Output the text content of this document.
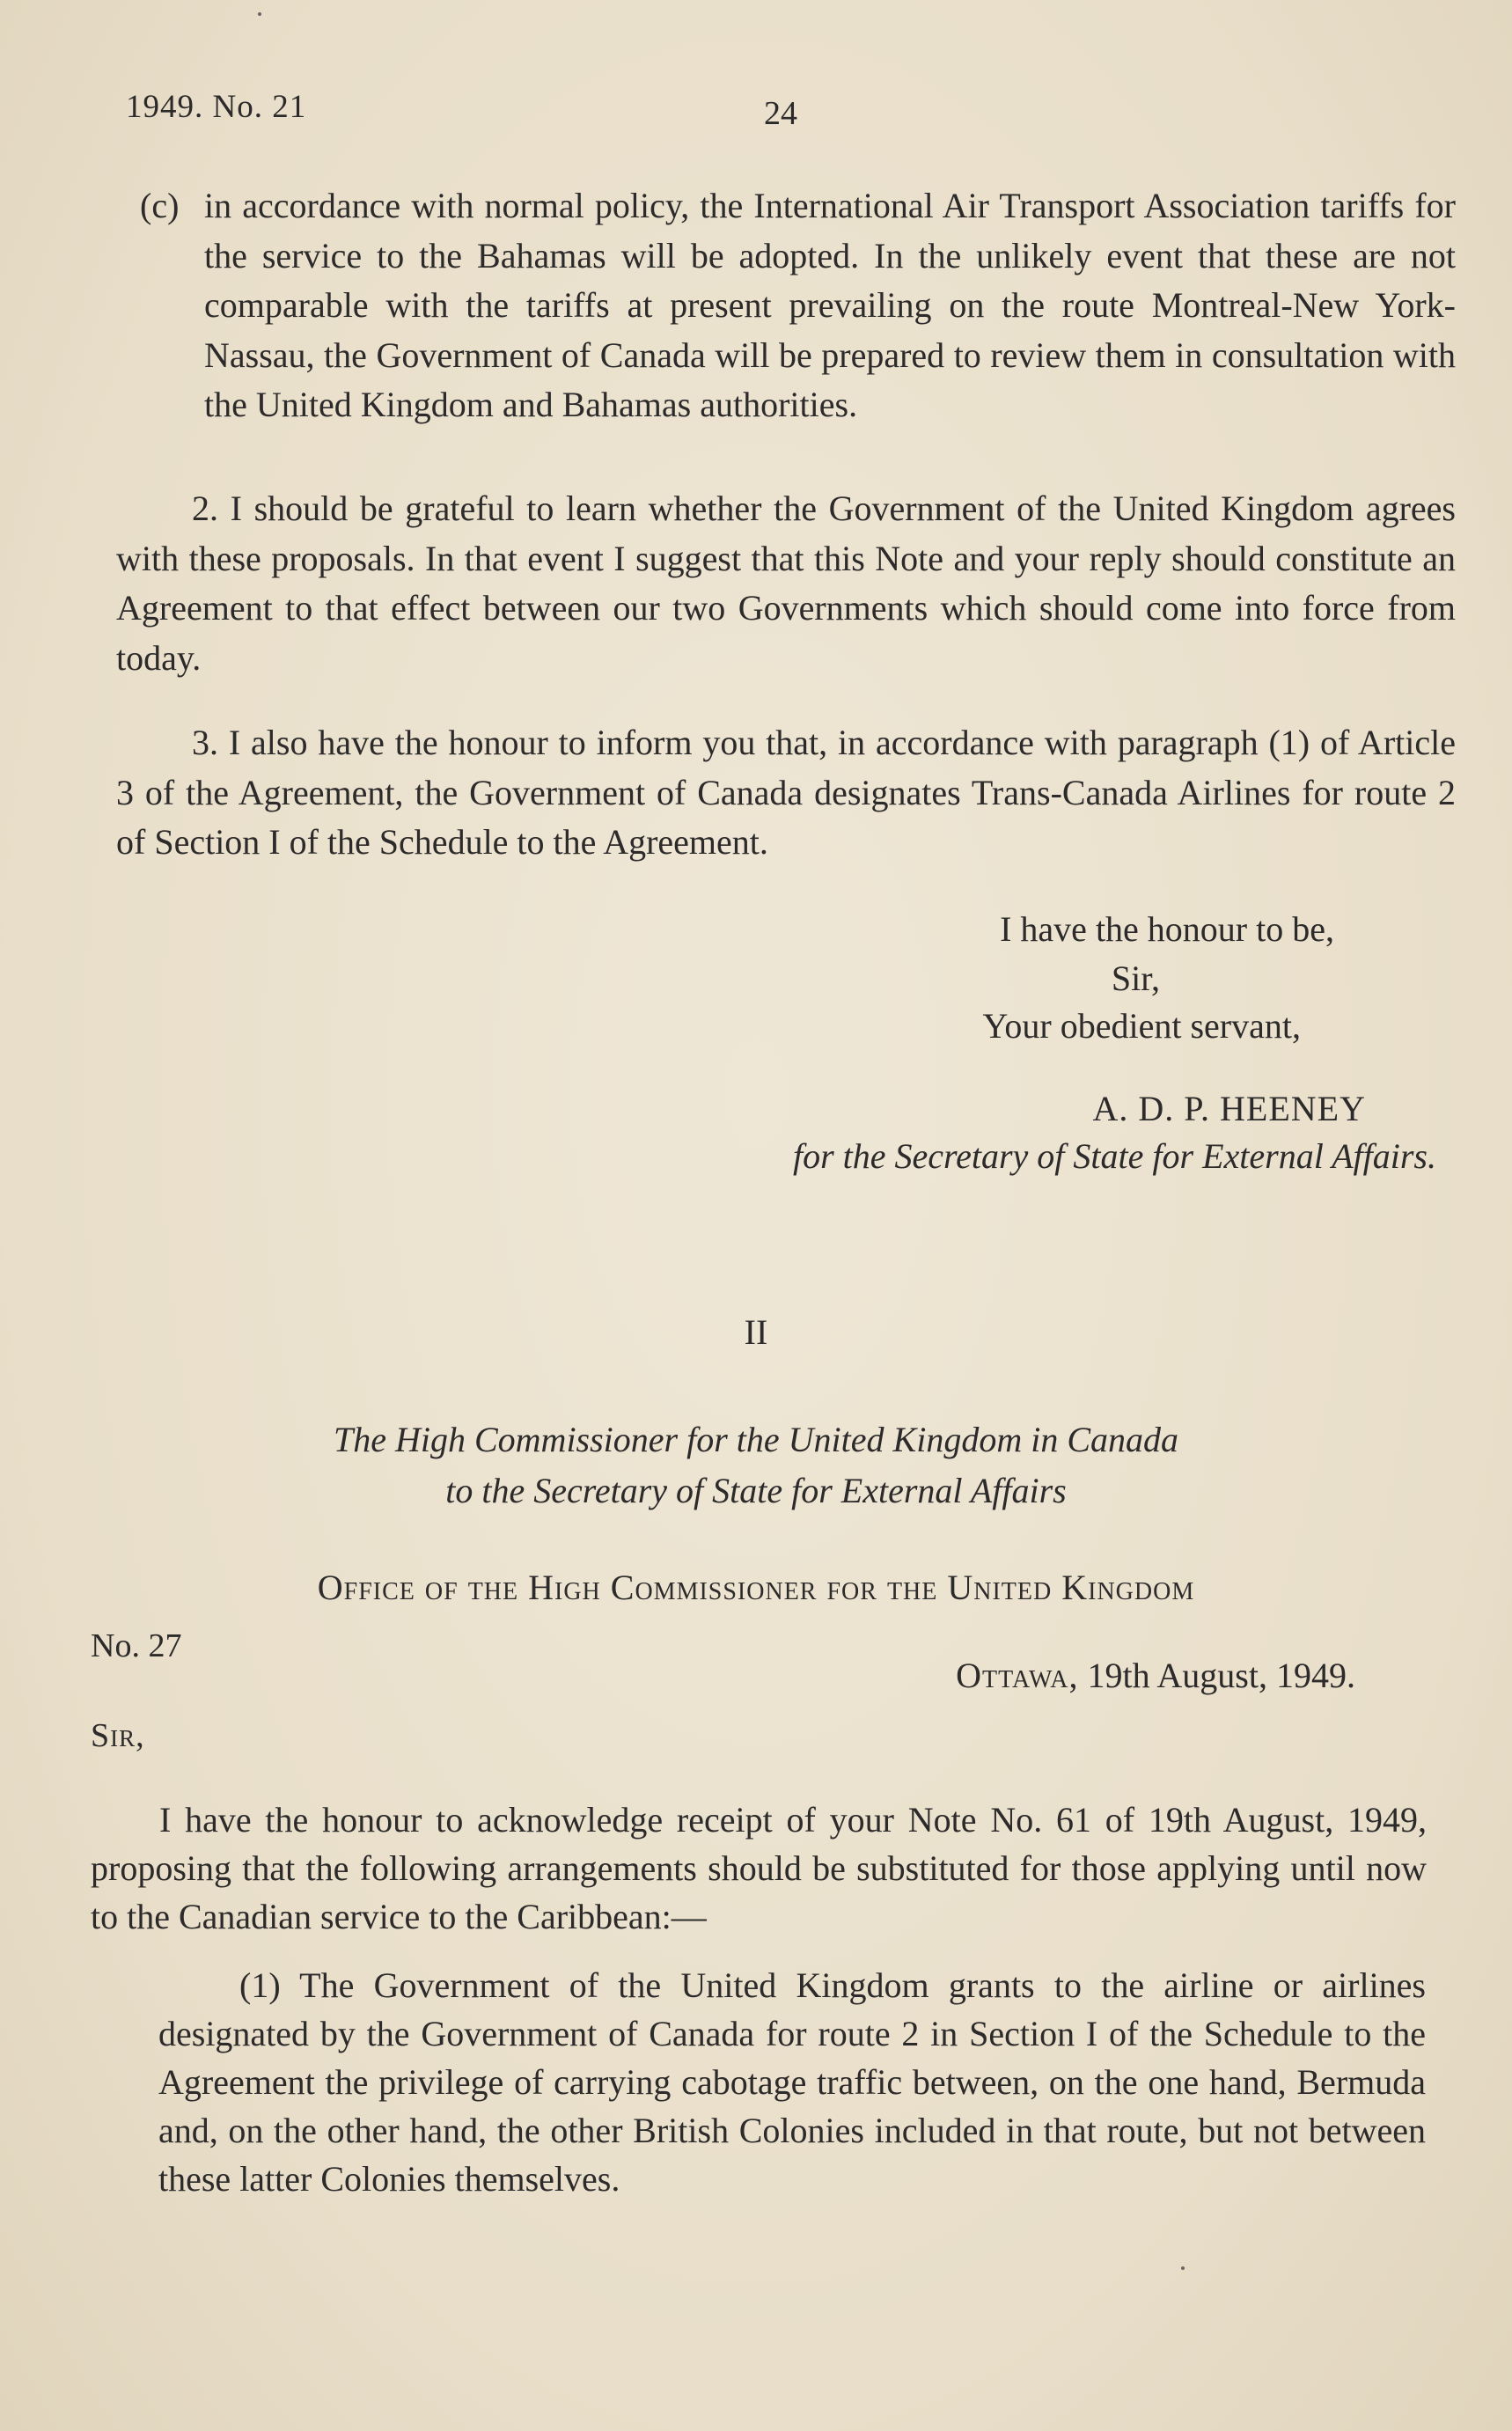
1949. No. 21	24
(c) in accordance with normal policy, the International Air Transport Association tariffs for the service to the Bahamas will be adopted. In the unlikely event that these are not comparable with the tariffs at present prevailing on the route Montreal-New York-Nassau, the Government of Canada will be prepared to review them in consultation with the United Kingdom and Bahamas authorities.
2. I should be grateful to learn whether the Government of the United Kingdom agrees with these proposals. In that event I suggest that this Note and your reply should constitute an Agreement to that effect between our two Governments which should come into force from today.
3. I also have the honour to inform you that, in accordance with paragraph (1) of Article 3 of the Agreement, the Government of Canada designates Trans-Canada Airlines for route 2 of Section I of the Schedule to the Agreement.
I have the honour to be,
Sir,
Your obedient servant,
A. D. P. HEENEY
for the Secretary of State for External Affairs.
II
The High Commissioner for the United Kingdom in Canada
to the Secretary of State for External Affairs
Office of the High Commissioner for the United Kingdom
No. 27
Ottawa, 19th August, 1949.
Sir,
I have the honour to acknowledge receipt of your Note No. 61 of 19th August, 1949, proposing that the following arrangements should be substituted for those applying until now to the Canadian service to the Caribbean:—
(1) The Government of the United Kingdom grants to the airline or airlines designated by the Government of Canada for route 2 in Section I of the Schedule to the Agreement the privilege of carrying cabotage traffic between, on the one hand, Bermuda and, on the other hand, the other British Colonies included in that route, but not between these latter Colonies themselves.
